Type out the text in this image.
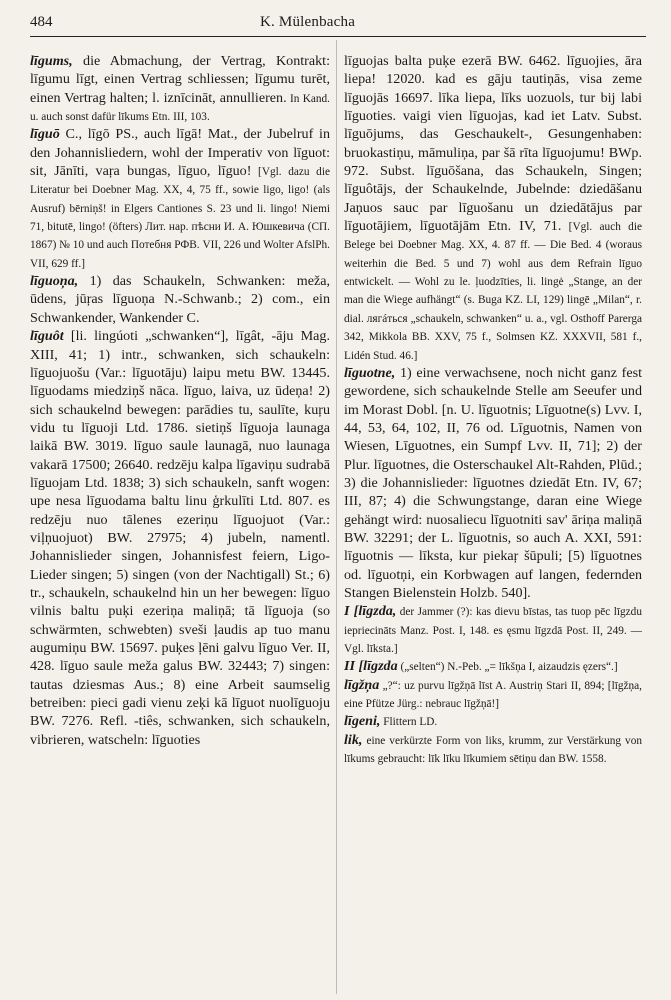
484	K. Mülenbacha

līgums, die Abmachung, der Vertrag, Kontrakt: līgumu līgt, einen Vertrag schliessen; līgumu turēt, einen Vertrag halten; l. iznīcināt, annullieren. In Kand. u. auch sonst dafür līkums Etn. III, 103.

līguō C., līgō PS., auch līgā! Mat., der Jubelruf in den Johannisliedern, wohl der Imperativ von līguot: sit, Jānīti, vaŗa bungas, līguo, līguo! [Vgl. dazu die Literatur bei Doebner Mag. XX, 4, 75 ff., sowie ligo, ligo! (als Ausruf) bērniņš! in Elgers Cantiones S. 23 und li. lingo! Niemi 71, bitutē, lingo! (öfters) Лит. нар. пѣсни И. А. Юшкевича (СП. 1867) № 10 und auch Потебня РФВ. VII, 226 und Wolter AfslPh. VII, 629 ff.]

līguoņa, 1) das Schaukeln, Schwanken: meža, ūdens, jūŗas līguoņa N.-Schwanb.; 2) com., ein Schwankender, Wankender C.

līguôt [li. lingúoti „schwanken“], līgât, -āju Mag. XIII, 41; 1) intr., schwanken, sich schaukeln: līguojuošu (Var.: līguotāju) laipu metu BW. 13445. līguodams miedziņš nāca. līguo, laiva, uz ūdeņa! 2) sich schaukelnd bewegen: parādies tu, saulīte, kuŗu vidu tu līguoji Ltd. 1786. sietiņš līguoja launaga laikā BW. 3019. līguo saule launagā, nuo launaga vakarā 17500; 26640. redzēju kalpa līgaviņu sudrabā līguojam Ltd. 1838; 3) sich schaukeln, sanft wogen: upe nesa līguodama baltu linu ģrkulīti Ltd. 807. es redzēju nuo tālenes ezeriņu līguojuot (Var.: viļņuojuot) BW. 27975; 4) jubeln, namentl. Johannislieder singen, Johannisfest feiern, Ligo-Lieder singen; 5) singen (von der Nachtigall) St.; 6) tr., schaukeln, schaukelnd hin un her bewegen: līguo vilnis baltu puķi ezeriņa maliņā; tā līguoja (so schwärmten, schwebten) sveši ļaudis ap tuo manu augumiņu BW. 15697. puķes ļēni galvu līguo Ver. II, 428. līguo saule meža galus BW. 32443; 7) singen: tautas dziesmas Aus.; 8) eine Arbeit saumselig betreiben: pieci gadi vienu zeķi kā līguot nuolīguoju BW. 7276. Refl. -tiês, schwanken, sich schaukeln, vibrieren, watscheln: līguoties

līguojas balta puķe ezerā BW. 6462. līguojies, āra liepa! 12020. kad es gāju tautiņās, visa zeme līguojās 16697. līka liepa, līks uozuols, tur bij labi līguoties. vaigi vien līguojas, kad iet Latv. Subst. līguōjums, das Geschaukelt-, Gesungenhaben: bruokastiņu, māmuliņa, par šā rīta līguojumu! BWp. 972. Subst. līguōšana, das Schaukeln, Singen; līguôtājs, der Schaukelnde, Jubelnde: dziedāšanu Jaņuos sauc par līguošanu un dziedātājus par līguotājiem, līguotājām Etn. IV, 71. [Vgl. auch die Belege bei Doebner Mag. XX, 4. 87 ff. — Die Bed. 4 (woraus weiterhin die Bed. 5 und 7) wohl aus dem Refrain līguo entwickelt. — Wohl zu le. ļuodzīties, li. lingė „Stange, an der man die Wiege aufhängt“ (s. Buga KZ. LI, 129) lingē „Milan“, r. dial. лягáться „schaukeln, schwanken“ u. a., vgl. Osthoff Parerga 342, Mikkola BB. XXV, 75 f., Solmsen KZ. XXXVII, 581 f., Lidén Stud. 46.]

līguotne, 1) eine verwachsene, noch nicht ganz fest gewordene, sich schaukelnde Stelle am Seeufer und im Morast Dobl. [n. U. līguotnis; Līguotne(s) Lvv. I, 44, 53, 64, 102, II, 76 od. Līguotnis, Namen von Wiesen, Līguotnes, ein Sumpf Lvv. II, 71]; 2) der Plur. līguotnes, die Osterschaukel Alt-Rahden, Plūd.; 3) die Johannislieder: līguotnes dziedāt Etn. IV, 67; III, 87; 4) die Schwungstange, daran eine Wiege gehängt wird: nuosaliecu līguotniti sav' āriņa maliņā BW. 32291; der L. līguotnis, so auch A. XXI, 591: līguotnis — līksta, kur piekaŗ šūpuli; [5) līguotnes od. līguotņi, ein Korbwagen auf langen, federnden Stangen Bielenstein Holzb. 540].

I [līgzda, der Jammer (?): kas dievu bīstas, tas tuop pēc līgzdu iepriecināts Manz. Post. I, 148. es ęsmu līgzdā Post. II, 249. — Vgl. līksta.]

II [līgzda („selten“) N.-Peb. „= līkšņa I, aizaudzis ęzers“.]

līgžņa „?“: uz purvu līgžņā līst A. Austriņ Stari II, 894; [līgžņa, eine Pfütze Jürg.: nebrauc līgžņā!]

līgeni, Flittern LD.

lik, eine verkürzte Form von liks, krumm, zur Verstärkung von līkums gebraucht: līk līku līkumiem sētiņu dan BW. 1558.
